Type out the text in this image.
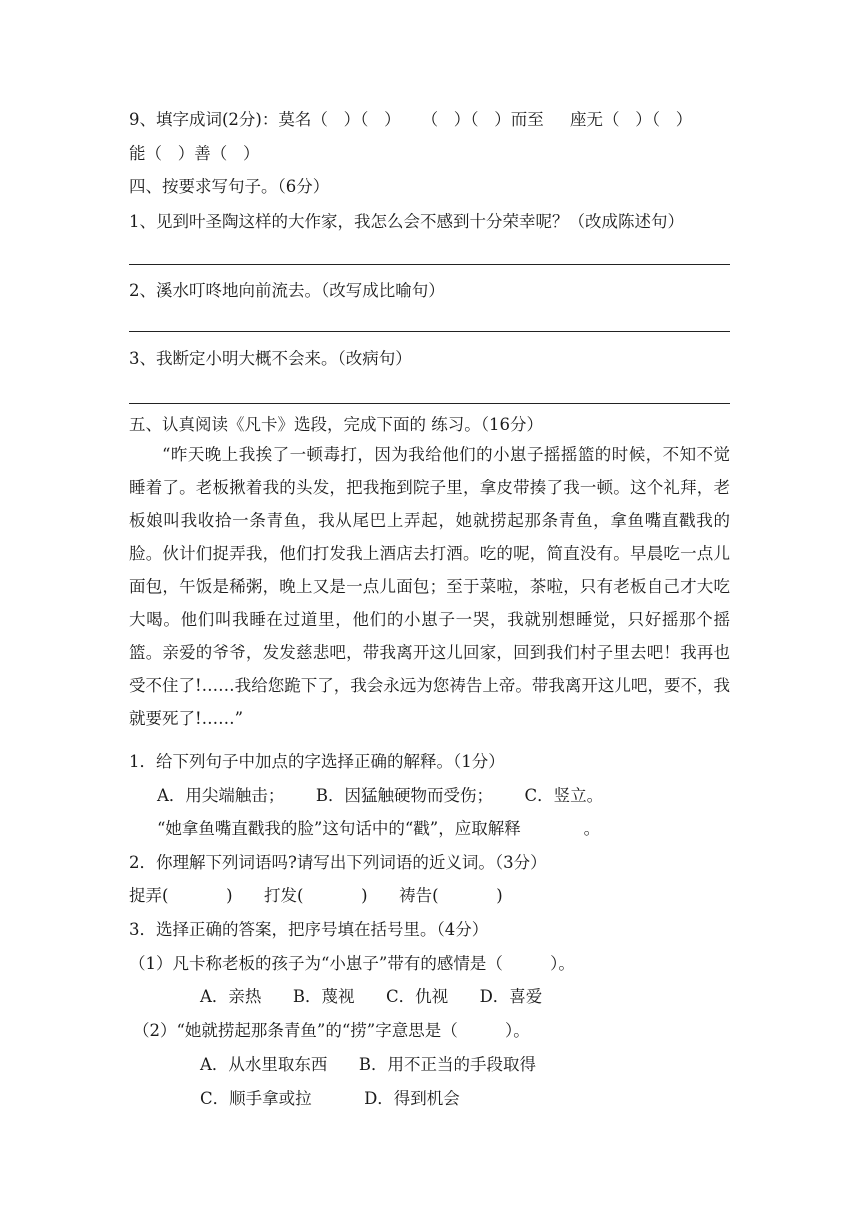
9、填字成词(2分)：莫名（   ）（   ）    （   ）（   ）而至     座无（   ）（   ）
能（   ）善（   ）
四、按要求写句子。（6分）
1、见到叶圣陶这样的大作家，我怎么会不感到十分荣幸呢？（改成陈述句）
2、溪水叮咚地向前流去。（改写成比喻句）
3、我断定小明大概不会来。（改病句）
五、认真阅读《凡卡》选段，完成下面的 练习。（16分）

“昨天晚上我挨了一顿毒打，因为我给他们的小崽子摇摇篮的时候，不知不觉睡着了。老板揪着我的头发，把我拖到院子里，拿皮带揍了我一顿。这个礼拜，老板娘叫我收拾一条青鱼，我从尾巴上弄起，她就捞起那条青鱼，拿鱼嘴直戳我的脸。伙计们捉弄我，他们打发我上酒店去打酒。吃的呢，简直没有。早晨吃一点儿面包，午饭是稀粥，晚上又是一点儿面包；至于菜啦，茶啦，只有老板自己才大吃大喝。他们叫我睡在过道里，他们的小崽子一哭，我就别想睡觉，只好摇那个摇篮。亲爱的爷爷，发发慈悲吧，带我离开这儿回家，回到我们村子里去吧！我再也受不住了!……我给您跪下了，我会永远为您祷告上帝。带我离开这儿吧，要不，我就要死了!……”

1．给下列句子中加点的字选择正确的解释。（1分）
A．用尖端触击；      B．因猛触硬物而受伤；      C．竖立。
“她拿鱼嘴直戳我的脸”这句话中的“戳”，应取解释            。
2．你理解下列词语吗?请写出下列词语的近义词。（3分）
捉弄(           )      打发(           )      祷告(           )
3．选择正确的答案，把序号填在括号里。（4分）
（1）凡卡称老板的孩子为“小崽子”带有的感情是（         ）。
A．亲热      B．蔑视      C．仇视      D．喜爱
（2）“她就捞起那条青鱼”的“捞”字意思是（         ）。
A．从水里取东西      B．用不正当的手段取得
C．顺手拿或拉          D．得到机会
